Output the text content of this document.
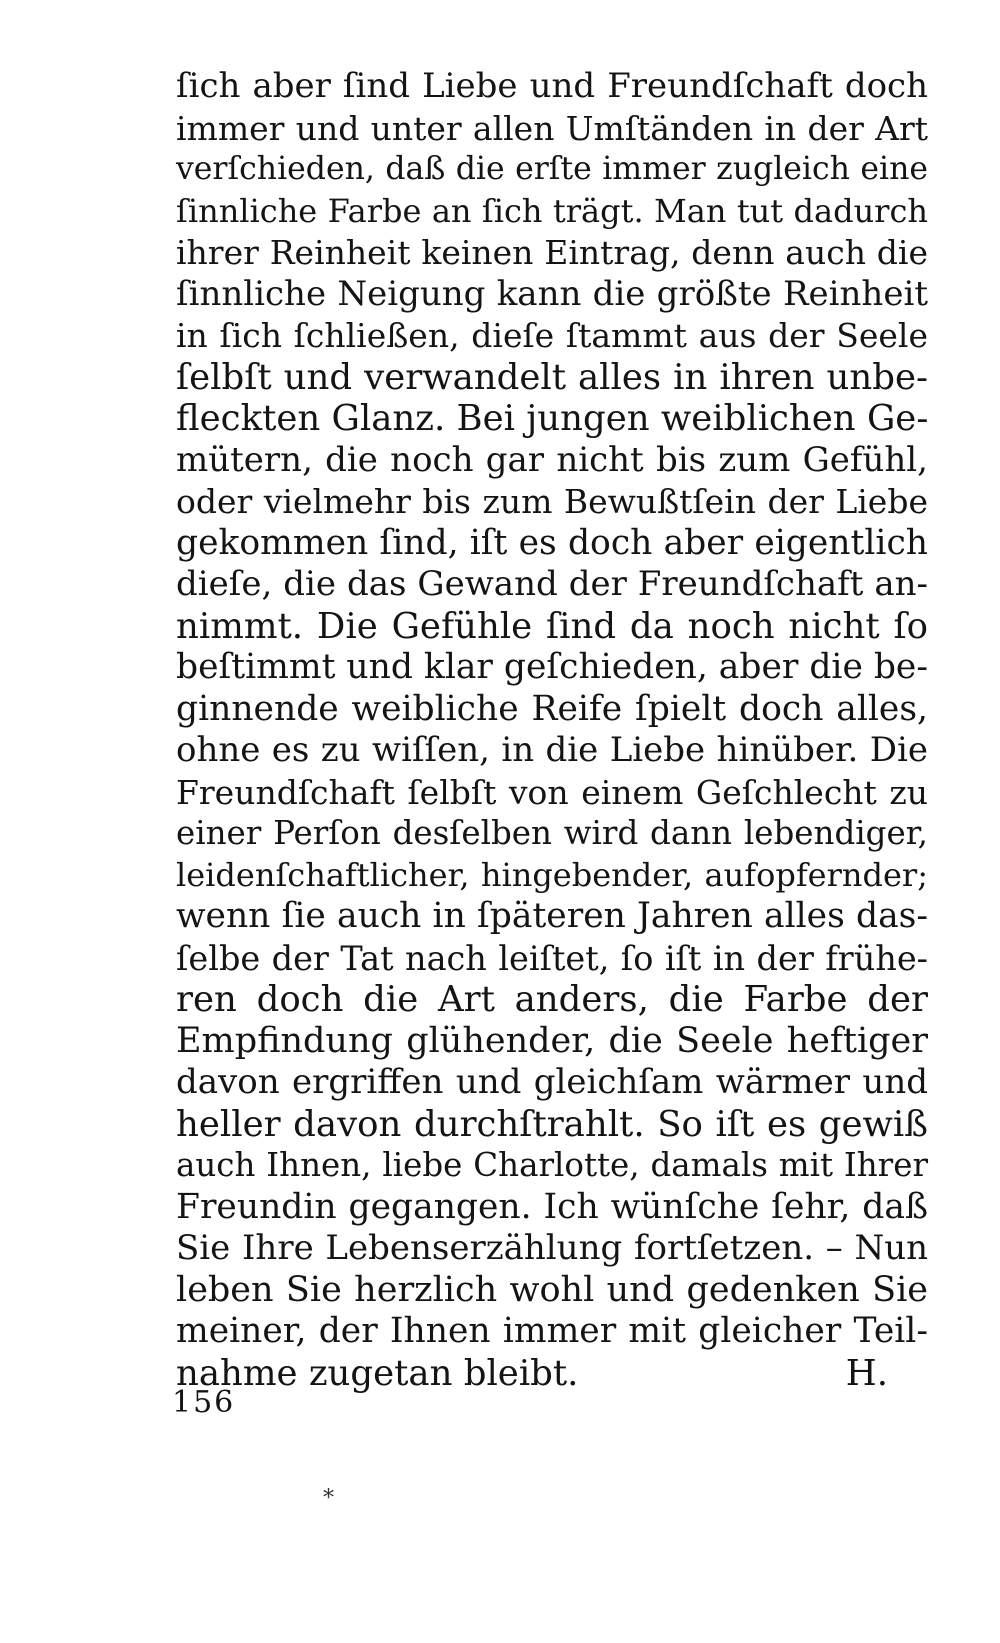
ſich aber ſind Liebe und Freundſchaft doch
immer und unter allen Umſtänden in der Art
verſchieden, daß die erſte immer zugleich eine
ſinnliche Farbe an ſich trägt. Man tut dadurch
ihrer Reinheit keinen Eintrag, denn auch die
ſinnliche Neigung kann die größte Reinheit
in ſich ſchließen, dieſe ſtammt aus der Seele
ſelbſt und verwandelt alles in ihren unbe-
fleckten Glanz. Bei jungen weiblichen Ge-
mütern, die noch gar nicht bis zum Gefühl,
oder vielmehr bis zum Bewußtſein der Liebe
gekommen ſind, iſt es doch aber eigentlich
dieſe, die das Gewand der Freundſchaft an-
nimmt. Die Gefühle ſind da noch nicht ſo
beſtimmt und klar geſchieden, aber die be-
ginnende weibliche Reife ſpielt doch alles,
ohne es zu wiſſen, in die Liebe hinüber. Die
Freundſchaft ſelbſt von einem Geſchlecht zu
einer Perſon desſelben wird dann lebendiger,
leidenſchaftlicher, hingebender, aufopfernder;
wenn ſie auch in ſpäteren Jahren alles das-
ſelbe der Tat nach leiſtet, ſo iſt in der frühe-
ren doch die Art anders, die Farbe der
Empfindung glühender, die Seele heftiger
davon ergriffen und gleichſam wärmer und
heller davon durchſtrahlt. So iſt es gewiß
auch Ihnen, liebe Charlotte, damals mit Ihrer
Freundin gegangen. Ich wünſche ſehr, daß
Sie Ihre Lebenserzählung fortſetzen. – Nun
leben Sie herzlich wohl und gedenken Sie
meiner, der Ihnen immer mit gleicher Teil-
nahme zugetan bleibt.	H.
156
*
